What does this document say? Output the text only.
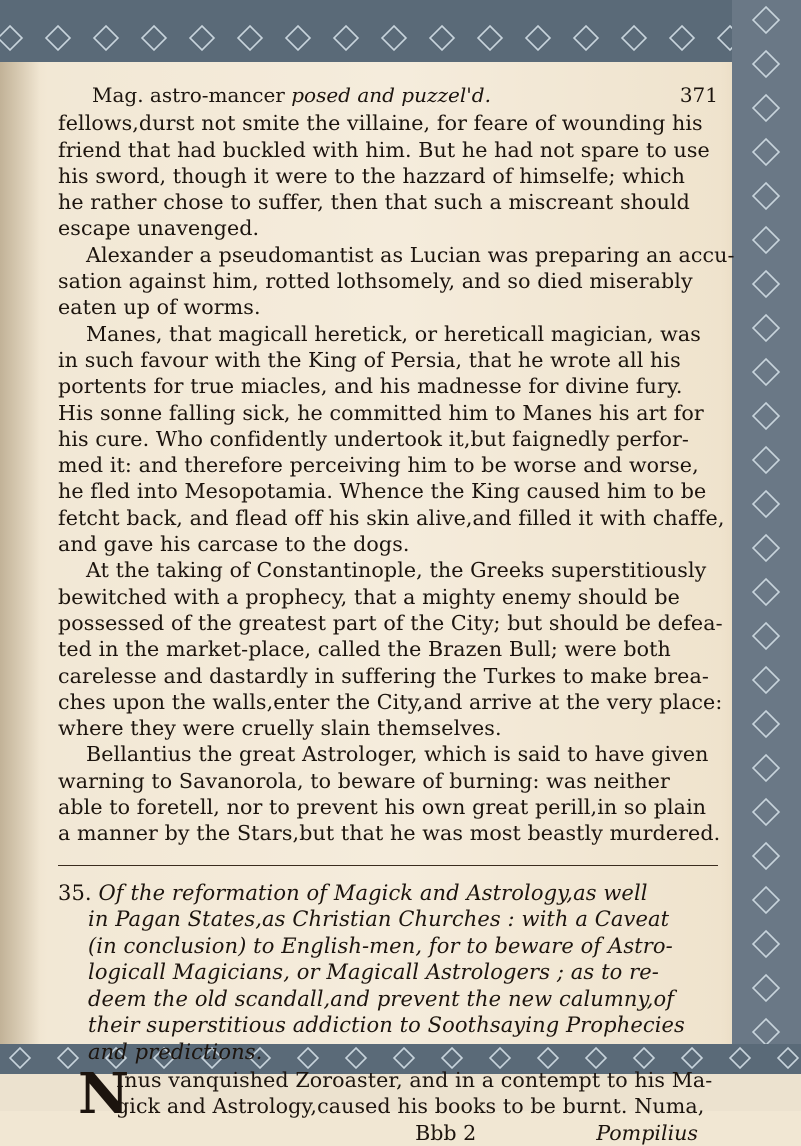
Mag. astro-mancer posed and puzzel'd.	371
fellows,durst not smite the villaine, for feare of wounding his
friend that had buckled with him. But he had not spare to use
his sword, though it were to the hazzard of himselfe; which
he rather chose to suffer, then that such a miscreant should
escape unavenged.
Alexander a pseudomantist as Lucian was preparing an accu-
sation against him, rotted lothsomely, and so died miserably
eaten up of worms.
Manes, that magicall heretick, or hereticall magician, was
in such favour with the King of Persia, that he wrote all his
portents for true miacles, and his madnesse for divine fury.
His sonne falling sick, he committed him to Manes his art for
his cure. Who confidently undertook it,but faignedly perfor-
med it: and therefore perceiving him to be worse and worse,
he fled into Mesopotamia. Whence the King caused him to be
fetcht back, and flead off his skin alive,and filled it with chaffe,
and gave his carcase to the dogs.
At the taking of Constantinople, the Greeks superstitiously
bewitched with a prophecy, that a mighty enemy should be
possessed of the greatest part of the City; but should be defea-
ted in the market-place, called the Brazen Bull; were both
carelesse and dastardly in suffering the Turkes to make brea-
ches upon the walls,enter the City,and arrive at the very place:
where they were cruelly slain themselves.
Bellantius the great Astrologer, which is said to have given
warning to Savanorola, to beware of burning: was neither
able to foretell, nor to prevent his own great perill,in so plain
a manner by the Stars,but that he was most beastly murdered.
35. Of the reformation of Magick and Astrology,as well
in Pagan States,as Christian Churches : with a Caveat
(in conclusion) to English-men, for to beware of Astro-
logicall Magicians, or Magicall Astrologers ; as to re-
deem the old scandall,and prevent the new calumny,of
their superstitious addiction to Soothsaying Prophecies
and predictions.
N
Inus vanquished Zoroaster, and in a contempt to his Ma-
gick and Astrology,caused his books to be burnt. Numa,
Bbb 2	Pompilius
